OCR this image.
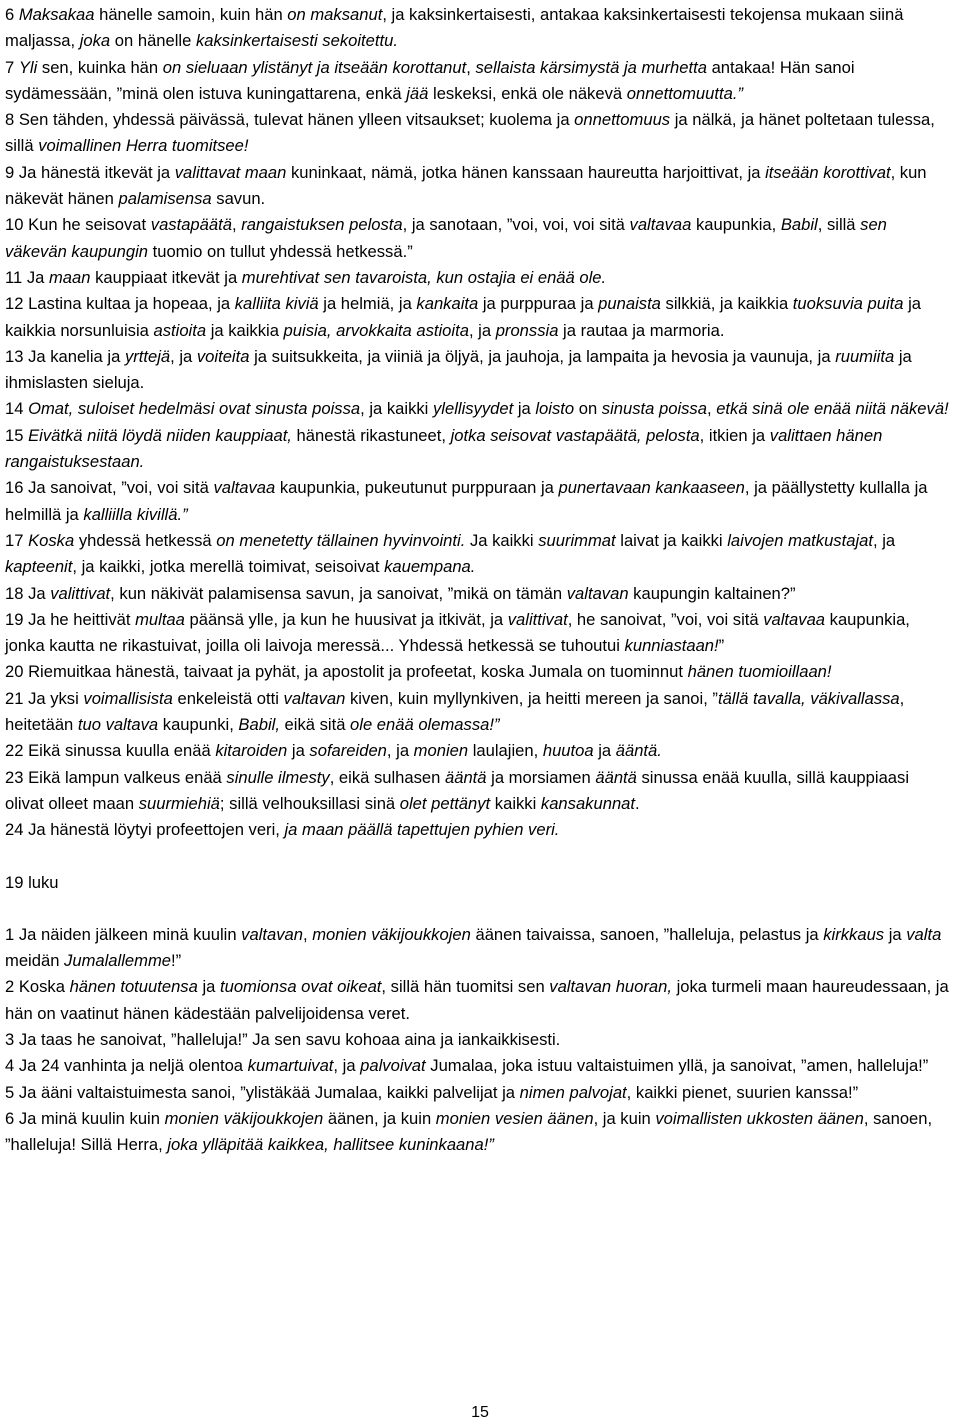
6 Maksakaa hänelle samoin, kuin hän on maksanut, ja kaksinkertaisesti, antakaa kaksinkertaisesti tekojensa mukaan siinä maljassa, joka on hänelle kaksinkertaisesti sekoitettu.

7 Yli sen, kuinka hän on sieluaan ylistänyt ja itseään korottanut, sellaista kärsimystä ja murhetta antakaa! Hän sanoi sydämessään, ”minä olen istuva kuningattarena, enkä jää leskeksi, enkä ole näkevä onnettomuutta.”

8 Sen tähden, yhdessä päivässä, tulevat hänen ylleen vitsaukset; kuolema ja onnettomuus ja nälkä, ja hänet poltetaan tulessa, sillä voimallinen Herra tuomitsee!

9 Ja hänestä itkevät ja valittavat maan kuninkaat, nämä, jotka hänen kanssaan haureutta harjoittivat, ja itseään korottivat, kun näkevät hänen palamisensa savun.

10 Kun he seisovat vastapäätä, rangaistuksen pelosta, ja sanotaan, ”voi, voi, voi sitä valtavaa kaupunkia, Babil, sillä sen väkevän kaupungin tuomio on tullut yhdessä hetkessä.”

11 Ja maan kauppiaat itkevät ja murehtivat sen tavaroista, kun ostajia ei enää ole.

12 Lastina kultaa ja hopeaa, ja kalliita kiviä ja helmiä, ja kankaita ja purppuraa ja punaista silkkiä, ja kaikkia tuoksuvia puita ja kaikkia norsunluisia astioita ja kaikkia puisia, arvokkaita astioita, ja pronssia ja rautaa ja marmoria.

13 Ja kanelia ja yrttejä, ja voiteita ja suitsukkeita, ja viiniä ja öljyä, ja jauhoja, ja lampaita ja hevosia ja vaunuja, ja ruumiita ja ihmislasten sieluja.

14 Omat, suloiset hedelmäsi ovat sinusta poissa, ja kaikki ylellisyydet ja loisto on sinusta poissa, etkä sinä ole enää niitä näkevä!

15 Eivätkä niitä löydä niiden kauppiaat, hänestä rikastuneet, jotka seisovat vastapäätä, pelosta, itkien ja valittaen hänen rangaistuksestaan.

16 Ja sanoivat, ”voi, voi sitä valtavaa kaupunkia, pukeutunut purppuraan ja punertavaan kankaaseen, ja päällystetty kullalla ja helmillä ja kalliilla kivillä.”

17 Koska yhdessä hetkessä on menetetty tällainen hyvinvointi. Ja kaikki suurimmat laivat ja kaikki laivojen matkustajat, ja kapteenit, ja kaikki, jotka merellä toimivat, seisoivat kauempana.

18 Ja valittivat, kun näkivät palamisensa savun, ja sanoivat, ”mikä on tämän valtavan kaupungin kaltainen?”

19 Ja he heittivät multaa päänsä ylle, ja kun he huusivat ja itkivät, ja valittivat, he sanoivat, ”voi, voi sitä valtavaa kaupunkia, jonka kautta ne rikastuivat, joilla oli laivoja meressä... Yhdessä hetkessä se tuhoutui kunniastaan!”

20 Riemuitkaa hänestä, taivaat ja pyhät, ja apostolit ja profeetat, koska Jumala on tuominnut hänen tuomioillaan!

21 Ja yksi voimallisista enkeleistä otti valtavan kiven, kuin myllynkiven, ja heitti mereen ja sanoi, ”tällä tavalla, väkivallassa, heitetään tuo valtava kaupunki, Babil, eikä sitä ole enää olemassa!”

22 Eikä sinussa kuulla enää kitaroiden ja sofareiden, ja monien laulajien, huutoa ja ääntä.

23 Eikä lampun valkeus enää sinulle ilmesty, eikä sulhasen ääntä ja morsiamen ääntä sinussa enää kuulla, sillä kauppiaasi olivat olleet maan suurmiehiä; sillä velhouksillasi sinä olet pettänyt kaikki kansakunnat.

24 Ja hänestä löytyi profeettojen veri, ja maan päällä tapettujen pyhien veri.

19 luku

1 Ja näiden jälkeen minä kuulin valtavan, monien väkijoukkojen äänen taivaissa, sanoen, ”halleluja, pelastus ja kirkkaus ja valta meidän Jumalallemme!”

2 Koska hänen totuutensa ja tuomionsa ovat oikeat, sillä hän tuomitsi sen valtavan huoran, joka turmeli maan haureudessaan, ja hän on vaatinut hänen kädestään palvelijoidensa veret.

3 Ja taas he sanoivat, ”halleluja!” Ja sen savu kohoaa aina ja iankaikkisesti.

4 Ja 24 vanhinta ja neljä olentoa kumartuivat, ja palvoivat Jumalaa, joka istuu valtaistuimen yllä, ja sanoivat, ”amen, halleluja!”

5 Ja ääni valtaistuimesta sanoi, ”ylistäkää Jumalaa, kaikki palvelijat ja nimen palvojat, kaikki pienet, suurien kanssa!”

6 Ja minä kuulin kuin monien väkijoukkojen äänen, ja kuin monien vesien äänen, ja kuin voimallisten ukkosten äänen, sanoen, ”halleluja! Sillä Herra, joka ylläpitää kaikkea, hallitsee kuninkaana!”

15
